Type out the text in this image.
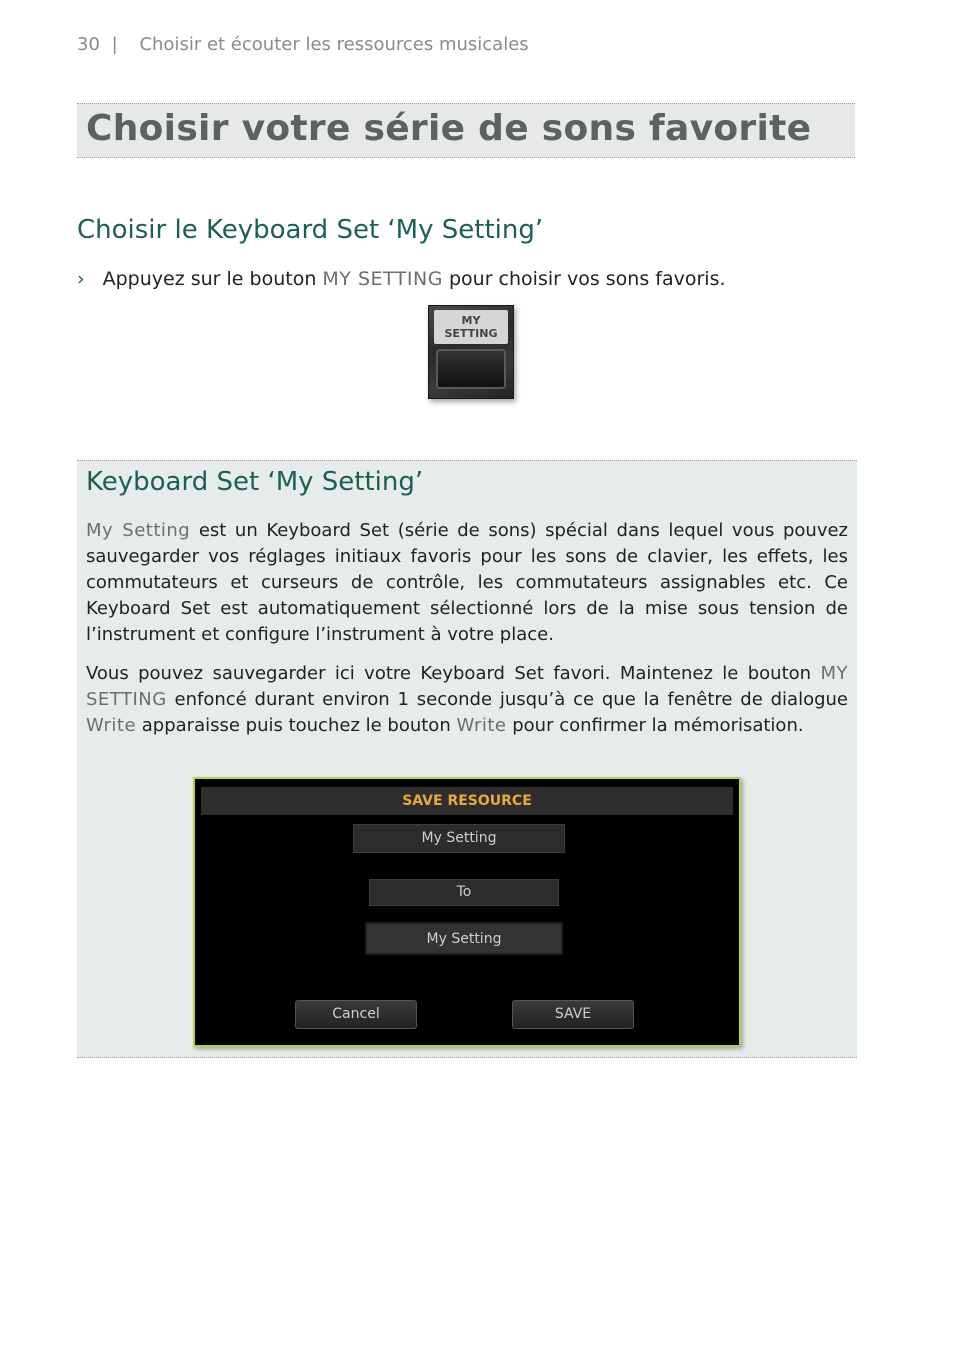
30 | Choisir et écouter les ressources musicales
Choisir votre série de sons favorite
Choisir le Keyboard Set ‘My Setting’
› Appuyez sur le bouton MY SETTING pour choisir vos sons favoris.
MY
SETTING
Keyboard Set ‘My Setting’

My Setting est un Keyboard Set (série de sons) spécial dans lequel vous pouvez sauvegarder vos réglages initiaux favoris pour les sons de clavier, les effets, les commutateurs et curseurs de contrôle, les commutateurs assignables etc. Ce Keyboard Set est automatiquement sélectionné lors de la mise sous tension de l’instrument et configure l’instrument à votre place.

Vous pouvez sauvegarder ici votre Keyboard Set favori. Maintenez le bouton MY SETTING enfoncé durant environ 1 seconde jusqu’à ce que la fenêtre de dialogue Write apparaisse puis touchez le bouton Write pour confirmer la mémorisation.

SAVE RESOURCE
My Setting
To
My Setting
Cancel	SAVE
